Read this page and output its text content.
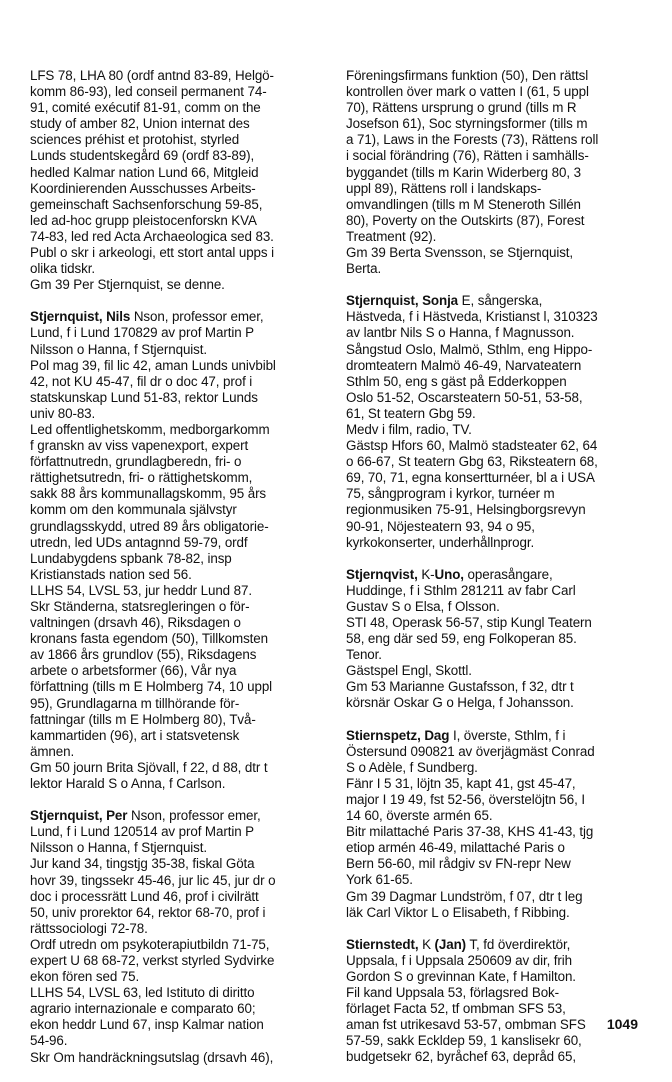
LFS 78, LHA 80 (ordf antnd 83-89, Helgö-
komm 86-93), led conseil permanent 74-
91, comité exécutif 81-91, comm on the
study of amber 82, Union internat des
sciences préhist et protohist, styrled
Lunds studentskegård 69 (ordf 83-89),
hedled Kalmar nation Lund 66, Mitgleid
Koordinierenden Ausschusses Arbeits-
gemeinschaft Sachsenforschung 59-85,
led ad-hoc grupp pleistocenforskn KVA
74-83, led red Acta Archaeologica sed 83.
Publ o skr i arkeologi, ett stort antal upps i
olika tidskr.
Gm 39 Per Stjernquist, se denne.
Stjernquist, Nils Nson, professor emer,
Lund, f i Lund 170829 av prof Martin P
Nilsson o Hanna, f Stjernquist.
Pol mag 39, fil lic 42, aman Lunds univbibl
42, not KU 45-47, fil dr o doc 47, prof i
statskunskap Lund 51-83, rektor Lunds
univ 80-83.
Led offentlighetskomm, medborgarkomm
f granskn av viss vapenexport, expert
författnutredn, grundlagberedn, fri- o
rättighetsutredn, fri- o rättighetskomm,
sakk 88 års kommunallagskomm, 95 års
komm om den kommunala självstyr
grundlagsskydd, utred 89 års obligatorie-
utredn, led UDs antagnnd 59-79, ordf
Lundabygdens spbank 78-82, insp
Kristianstads nation sed 56.
LLHS 54, LVSL 53, jur heddr Lund 87.
Skr Ständerna, statsregleringen o för-
valtningen (drsavh 46), Riksdagen o
kronans fasta egendom (50), Tillkomsten
av 1866 års grundlov (55), Riksdagens
arbete o arbetsformer (66), Vår nya
författning (tills m E Holmberg 74, 10 uppl
95), Grundlagarna m tillhörande för-
fattningar (tills m E Holmberg 80), Två-
kammartiden (96), art i statsvetensk
ämnen.
Gm 50 journ Brita Sjövall, f 22, d 88, dtr t
lektor Harald S o Anna, f Carlson.
Stjernquist, Per Nson, professor emer,
Lund, f i Lund 120514 av prof Martin P
Nilsson o Hanna, f Stjernquist.
Jur kand 34, tingstjg 35-38, fiskal Göta
hovr 39, tingssekr 45-46, jur lic 45, jur dr o
doc i processrätt Lund 46, prof i civilrätt
50, univ prorektor 64, rektor 68-70, prof i
rättssociologi 72-78.
Ordf utredn om psykoterapiutbildn 71-75,
expert U 68 68-72, verkst styrled Sydvirke
ekon fören sed 75.
LLHS 54, LVSL 63, led Istituto di diritto
agrario internazionale e comparato 60;
ekon heddr Lund 67, insp Kalmar nation
54-96.
Skr Om handräckningsutslag (drsavh 46),
Föreningsfirmans funktion (50), Den rättsl
kontrollen över mark o vatten I (61, 5 uppl
70), Rättens ursprung o grund (tills m R
Josefson 61), Soc styrningsformer (tills m
a 71), Laws in the Forests (73), Rättens roll
i social förändring (76), Rätten i samhälls-
byggandet (tills m Karin Widerberg 80, 3
uppl 89), Rättens roll i landskaps-
omvandlingen (tills m M Steneroth Sillén
80), Poverty on the Outskirts (87), Forest
Treatment (92).
Gm 39 Berta Svensson, se Stjernquist,
Berta.
Stjernquist, Sonja E, sångerska,
Hästveda, f i Hästveda, Kristianst l, 310323
av lantbr Nils S o Hanna, f Magnusson.
Sångstud Oslo, Malmö, Sthlm, eng Hippo-
dromteatern Malmö 46-49, Narvateatern
Sthlm 50, eng s gäst på Edderkoppen
Oslo 51-52, Oscarsteatern 50-51, 53-58,
61, St teatern Gbg 59.
Medv i film, radio, TV.
Gästsp Hfors 60, Malmö stadsteater 62, 64
o 66-67, St teatern Gbg 63, Riksteatern 68,
69, 70, 71, egna konsertturnéer, bl a i USA
75, sångprogram i kyrkor, turnéer m
regionmusiken 75-91, Helsingborgsrevyn
90-91, Nöjesteatern 93, 94 o 95,
kyrkokonserter, underhållnprogr.
Stjernqvist, K-Uno, operasångare,
Huddinge, f i Sthlm 281211 av fabr Carl
Gustav S o Elsa, f Olsson.
STI 48, Operask 56-57, stip Kungl Teatern
58, eng där sed 59, eng Folkoperan 85.
Tenor.
Gästspel Engl, Skottl.
Gm 53 Marianne Gustafsson, f 32, dtr t
körsnär Oskar G o Helga, f Johansson.
Stiernspetz, Dag I, överste, Sthlm, f i
Östersund 090821 av överjägmäst Conrad
S o Adèle, f Sundberg.
Fänr I 5 31, löjtn 35, kapt 41, gst 45-47,
major I 19 49, fst 52-56, överstelöjtn 56, I
14 60, överste armén 65.
Bitr milattaché Paris 37-38, KHS 41-43, tjg
etiop armén 46-49, milattaché Paris o
Bern 56-60, mil rådgiv sv FN-repr New
York 61-65.
Gm 39 Dagmar Lundström, f 07, dtr t leg
läk Carl Viktor L o Elisabeth, f Ribbing.
Stiernstedt, K (Jan) T, fd överdirektör,
Uppsala, f i Uppsala 250609 av dir, frih
Gordon S o grevinnan Kate, f Hamilton.
Fil kand Uppsala 53, förlagsred Bok-
förlaget Facta 52, tf ombman SFS 53,
aman fst utrikesavd 53-57, ombman SFS
57-59, sakk Eckldep 59, 1 kanslisekr 60,
budgetsekr 62, byråchef 63, depråd 65,
1049
